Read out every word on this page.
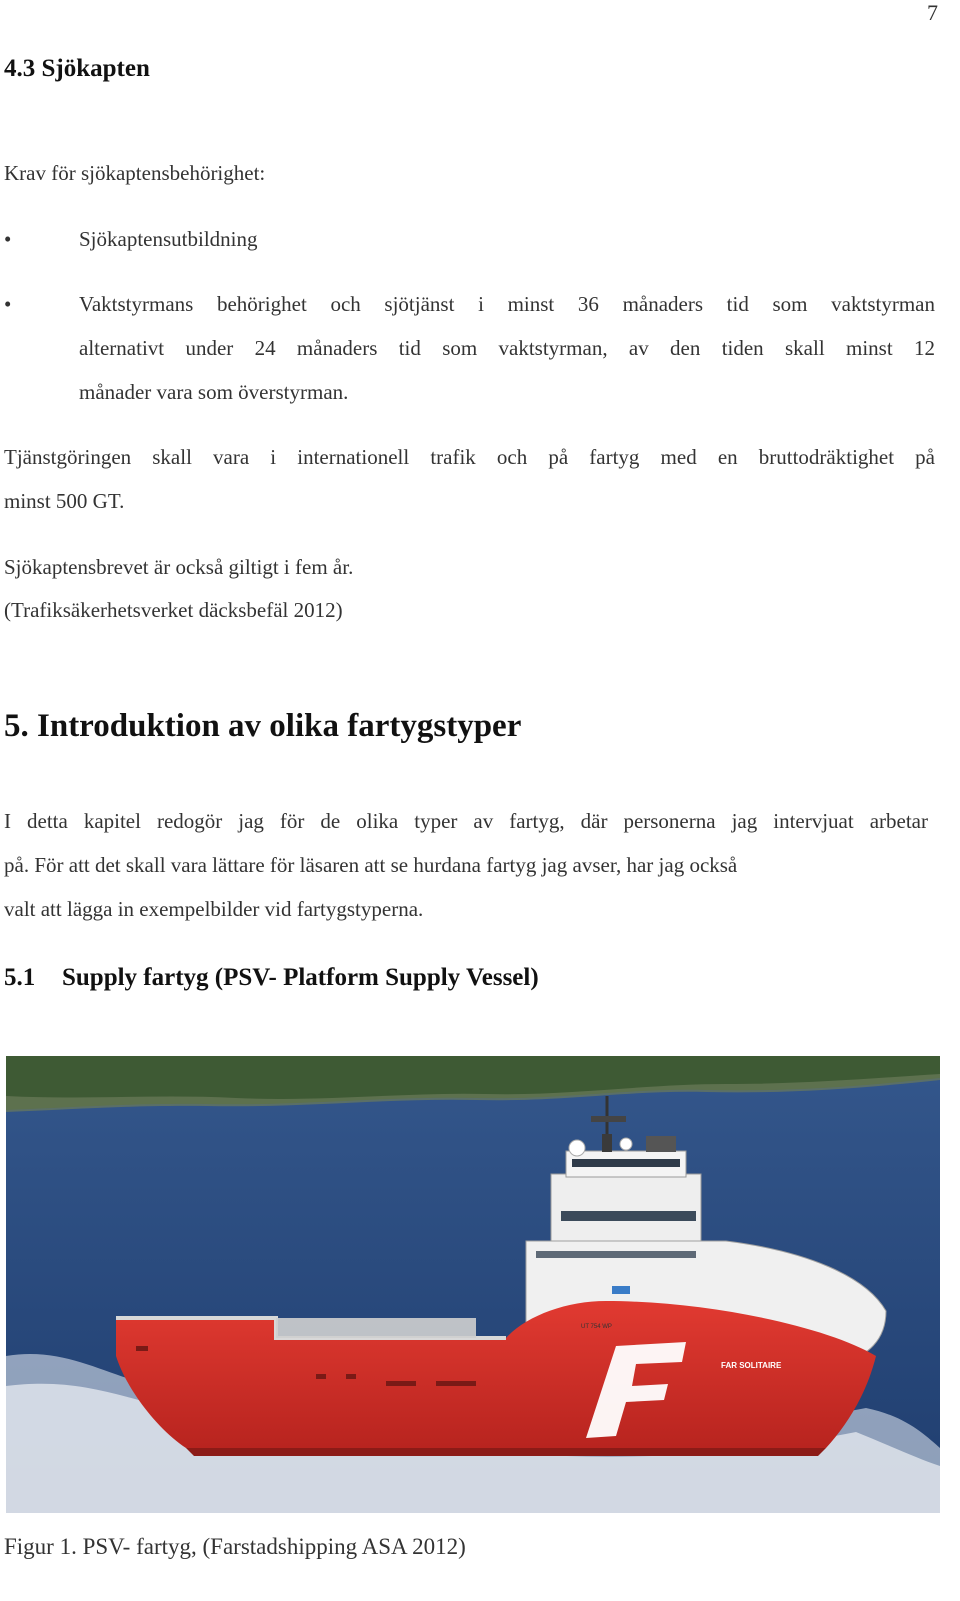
7
4.3 Sjökapten
Krav för sjökaptensbehörighet:
•	Sjökaptensutbildning
•	Vaktstyrmans behörighet och sjötjänst i minst 36 månaders tid som vaktstyrman
alternativt under 24 månaders tid som vaktstyrman, av den tiden skall minst 12
månader vara som överstyrman.
Tjänstgöringen skall vara i internationell trafik och på fartyg med en bruttodräktighet på
minst 500 GT.
Sjökaptensbrevet är också giltigt i fem år.
(Trafiksäkerhetsverket däcksbefäl 2012)
5. Introduktion av olika fartygstyper
I detta kapitel redogör jag för de olika typer av fartyg, där personerna jag intervjuat arbetar
på. För att det skall vara lättare för läsaren att se hurdana fartyg jag avser, har jag också
valt att lägga in exempelbilder vid fartygstyperna.
5.1 Supply fartyg (PSV- Platform Supply Vessel)
FAR SOLITAIRE
UT 754 WP
Figur 1. PSV- fartyg, (Farstadshipping ASA 2012)
